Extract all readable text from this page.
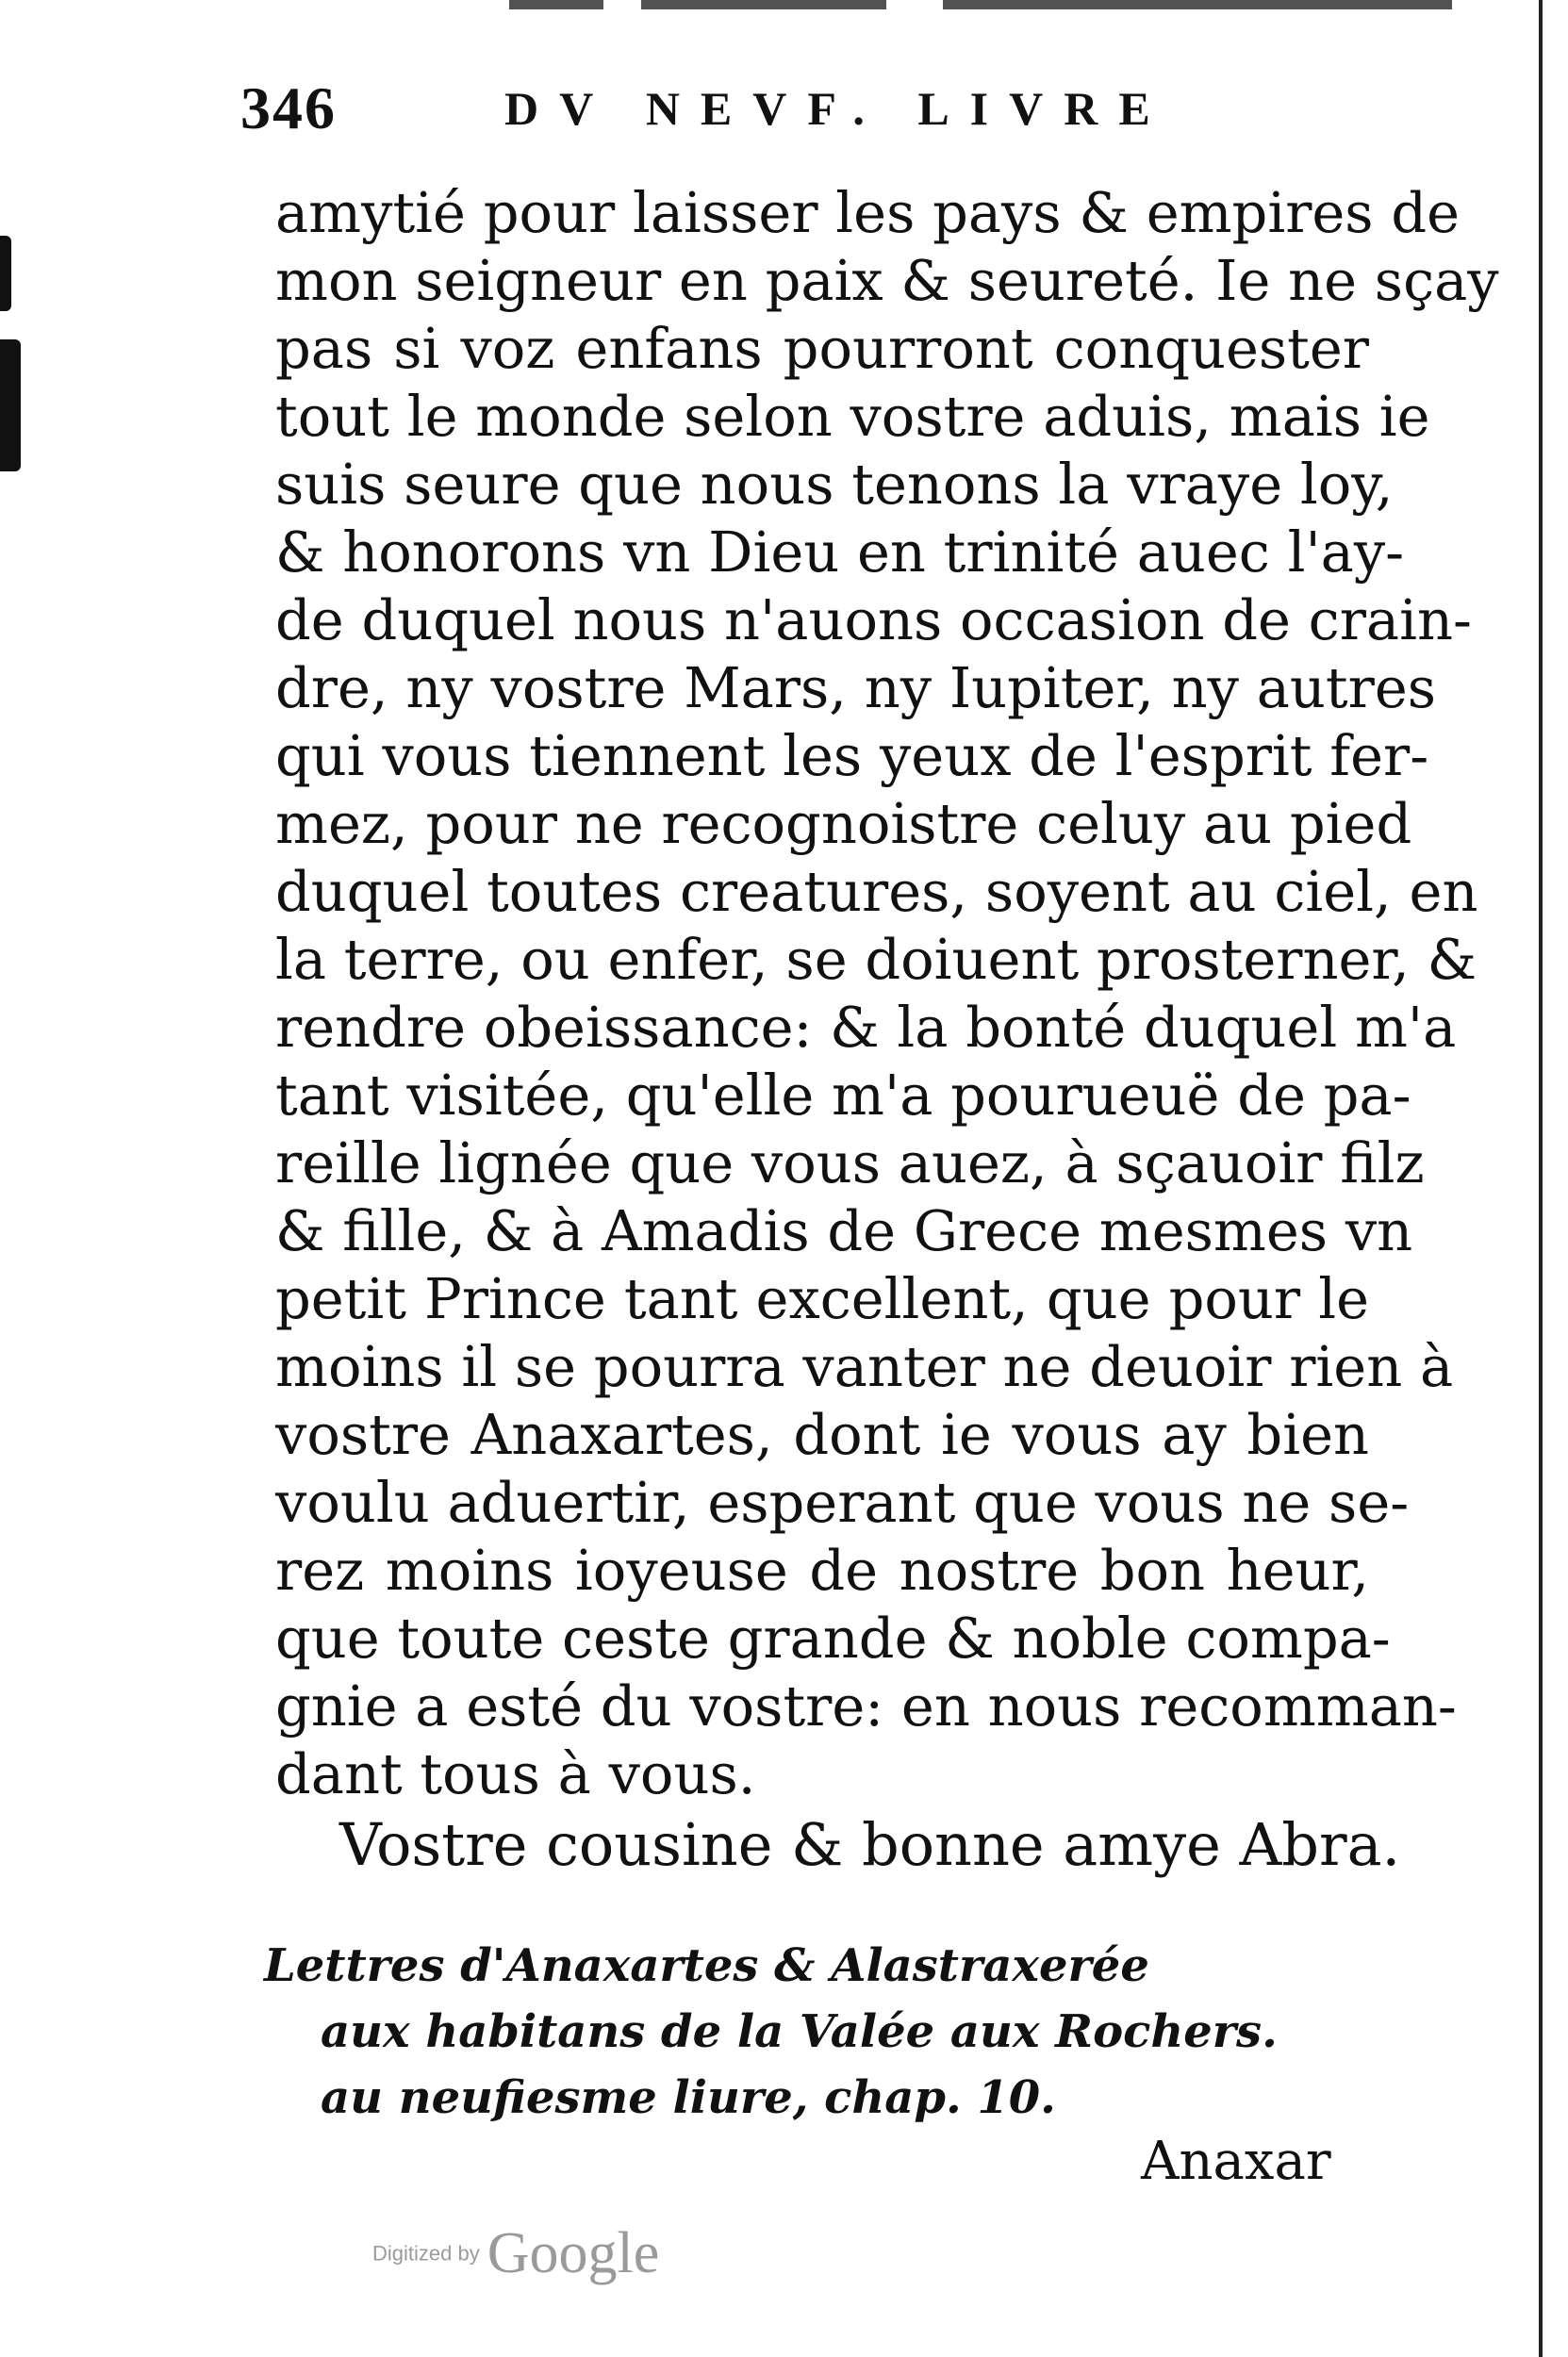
346	DV NEVF. LIVRE
amytié pour laisser les pays & empires de
mon seigneur en paix & seureté. Ie ne sçay
pas si voz enfans pourront conquester
tout le monde selon vostre aduis, mais ie
suis seure que nous tenons la vraye loy,
& honorons vn Dieu en trinité auec l'ay-
de duquel nous n'auons occasion de crain-
dre, ny vostre Mars, ny Iupiter, ny autres
qui vous tiennent les yeux de l'esprit fer-
mez, pour ne recognoistre celuy au pied
duquel toutes creatures, soyent au ciel, en
la terre, ou enfer, se doiuent prosterner, &
rendre obeissance: & la bonté duquel m'a
tant visitée, qu'elle m'a pourueuë de pa-
reille lignée que vous auez, à sçauoir filz
& fille, & à Amadis de Grece mesmes vn
petit Prince tant excellent, que pour le
moins il se pourra vanter ne deuoir rien à
vostre Anaxartes, dont ie vous ay bien
voulu aduertir, esperant que vous ne se-
rez moins ioyeuse de nostre bon heur,
que toute ceste grande & noble compa-
gnie a esté du vostre: en nous recomman-
dant tous à vous.
Vostre cousine & bonne amye Abra.
Lettres d'Anaxartes & Alastraxerée
aux habitans de la Valée aux Rochers.
au neufiesme liure, chap. 10.
Anaxar
Digitized by Google
